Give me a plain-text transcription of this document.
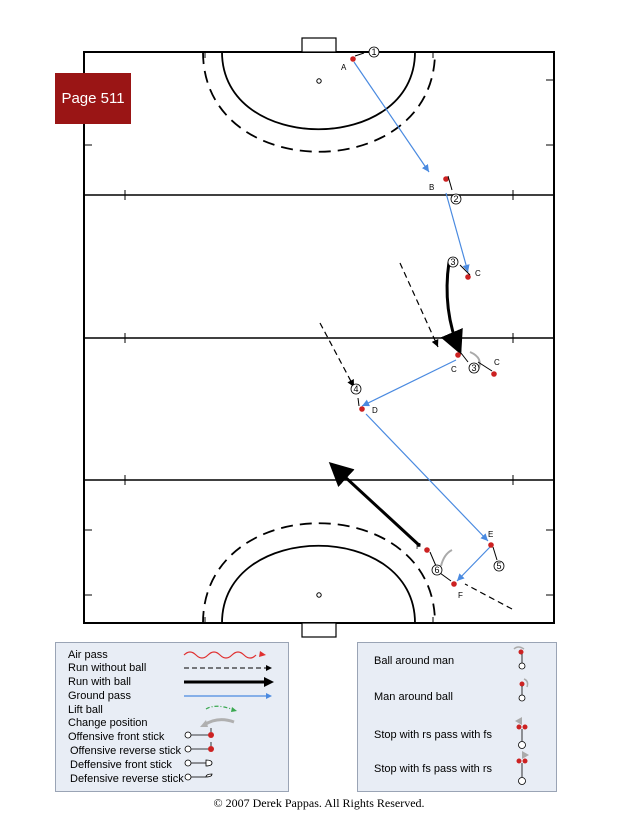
A
B
C
C
C
D
E
F
F
1
2
3
3
4
5
6
Page 511
Air pass
Run without ball
Run with ball
Ground pass
Lift ball
Change position
Offensive front stick
Offensive reverse stick
Deffensive front stick
Defensive reverse stick
Ball around man
Man around ball
Stop with rs pass with fs
Stop with fs pass with rs
© 2007 Derek Pappas. All Rights Reserved.
